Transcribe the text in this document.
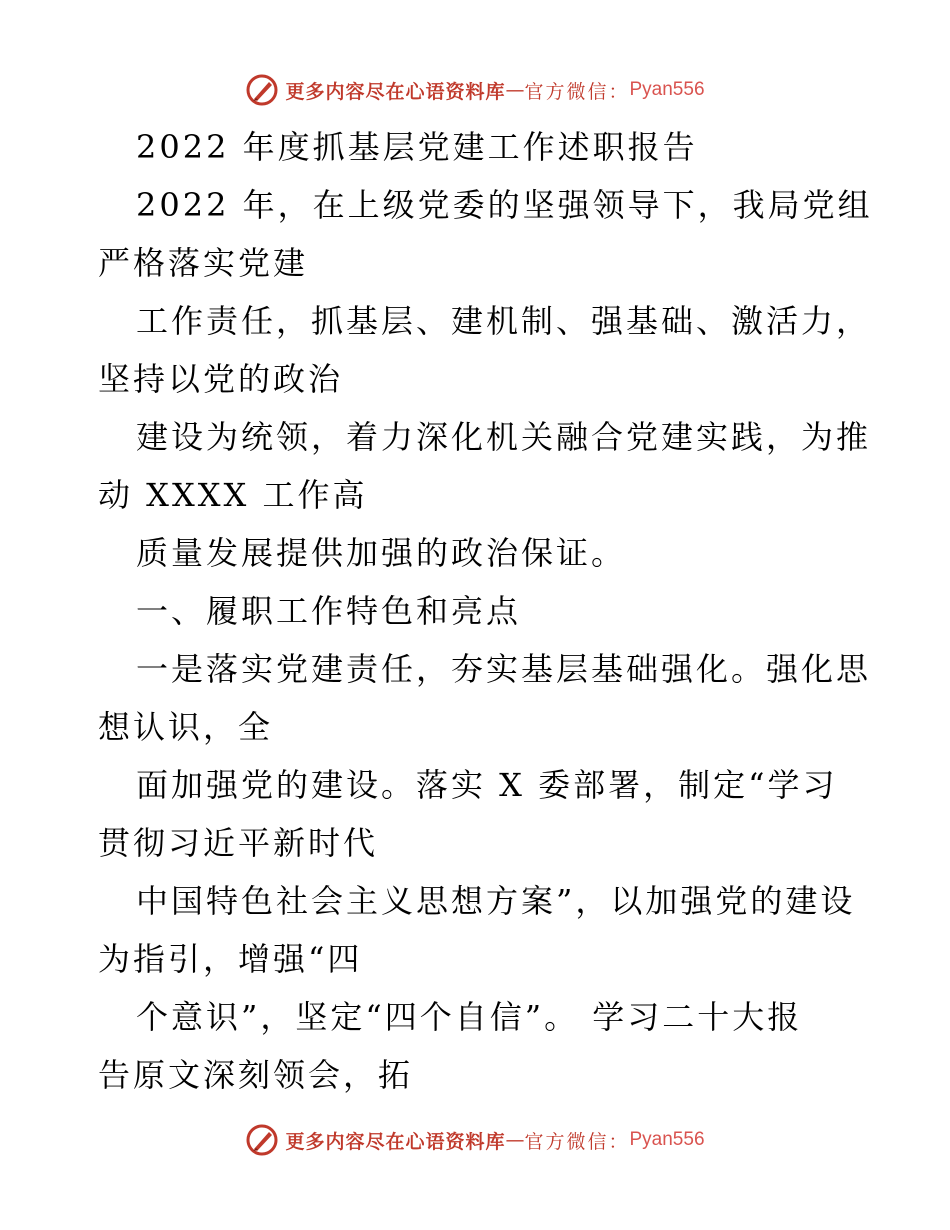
更多内容尽在心语资料库 — 官方微信： Pyan556
2022 年度抓基层党建工作述职报告
2022 年，在上级党委的坚强领导下，我局党组
严格落实党建
工作责任，抓基层、建机制、强基础、激活力，
坚持以党的政治
建设为统领，着力深化机关融合党建实践，为推
动 XXXX 工作高
质量发展提供加强的政治保证。
一、履职工作特色和亮点
一是落实党建责任，夯实基层基础强化。强化思
想认识，全
面加强党的建设。落实 X 委部署，制定“学习
贯彻习近平新时代
中国特色社会主义思想方案”，以加强党的建设
为指引，增强“四
个意识”，坚定“四个自信”。 学习二十大报
告原文深刻领会，拓
更多内容尽在心语资料库 — 官方微信： Pyan556
